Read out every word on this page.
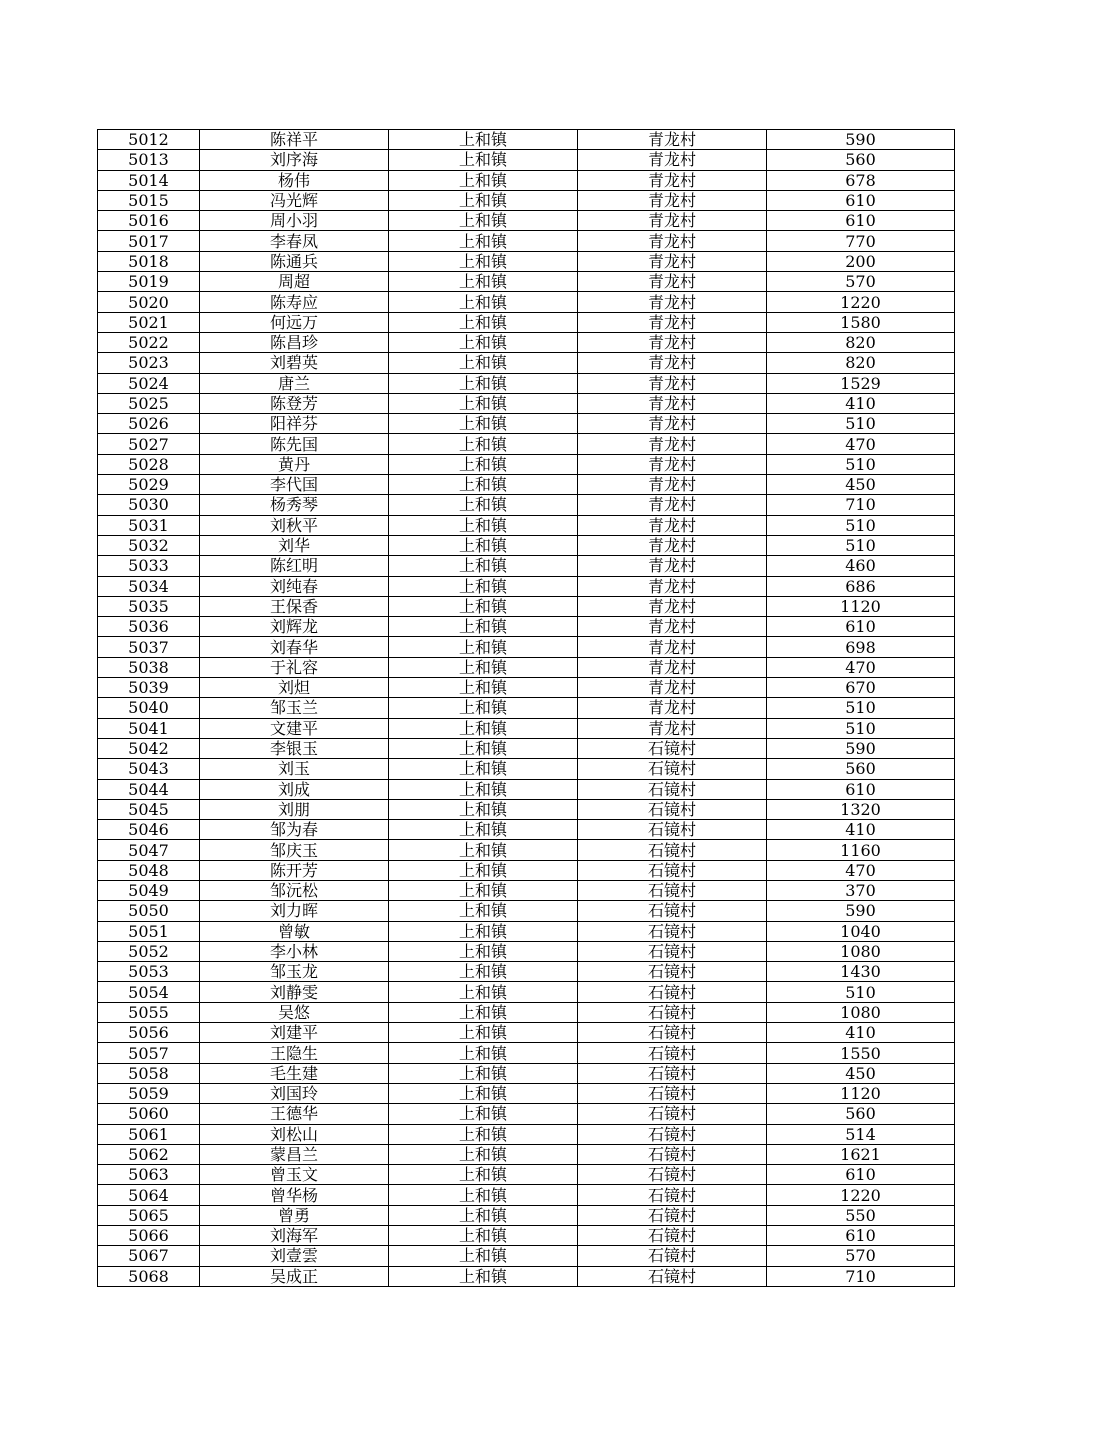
5012	陈祥平	上和镇	青龙村	590
5013	刘序海	上和镇	青龙村	560
5014	杨伟	上和镇	青龙村	678
5015	冯光辉	上和镇	青龙村	610
5016	周小羽	上和镇	青龙村	610
5017	李春凤	上和镇	青龙村	770
5018	陈通兵	上和镇	青龙村	200
5019	周超	上和镇	青龙村	570
5020	陈寿应	上和镇	青龙村	1220
5021	何远万	上和镇	青龙村	1580
5022	陈昌珍	上和镇	青龙村	820
5023	刘碧英	上和镇	青龙村	820
5024	唐兰	上和镇	青龙村	1529
5025	陈登芳	上和镇	青龙村	410
5026	阳祥芬	上和镇	青龙村	510
5027	陈先国	上和镇	青龙村	470
5028	黄丹	上和镇	青龙村	510
5029	李代国	上和镇	青龙村	450
5030	杨秀琴	上和镇	青龙村	710
5031	刘秋平	上和镇	青龙村	510
5032	刘华	上和镇	青龙村	510
5033	陈红明	上和镇	青龙村	460
5034	刘纯春	上和镇	青龙村	686
5035	王保香	上和镇	青龙村	1120
5036	刘辉龙	上和镇	青龙村	610
5037	刘春华	上和镇	青龙村	698
5038	于礼容	上和镇	青龙村	470
5039	刘炟	上和镇	青龙村	670
5040	邹玉兰	上和镇	青龙村	510
5041	文建平	上和镇	青龙村	510
5042	李银玉	上和镇	石镜村	590
5043	刘玉	上和镇	石镜村	560
5044	刘成	上和镇	石镜村	610
5045	刘朋	上和镇	石镜村	1320
5046	邹为春	上和镇	石镜村	410
5047	邹庆玉	上和镇	石镜村	1160
5048	陈开芳	上和镇	石镜村	470
5049	邹沅松	上和镇	石镜村	370
5050	刘力晖	上和镇	石镜村	590
5051	曾敏	上和镇	石镜村	1040
5052	李小林	上和镇	石镜村	1080
5053	邹玉龙	上和镇	石镜村	1430
5054	刘静雯	上和镇	石镜村	510
5055	吴悠	上和镇	石镜村	1080
5056	刘建平	上和镇	石镜村	410
5057	王隐生	上和镇	石镜村	1550
5058	毛生建	上和镇	石镜村	450
5059	刘国玲	上和镇	石镜村	1120
5060	王德华	上和镇	石镜村	560
5061	刘松山	上和镇	石镜村	514
5062	蒙昌兰	上和镇	石镜村	1621
5063	曾玉文	上和镇	石镜村	610
5064	曾华杨	上和镇	石镜村	1220
5065	曾勇	上和镇	石镜村	550
5066	刘海军	上和镇	石镜村	610
5067	刘壹雲	上和镇	石镜村	570
5068	吴成正	上和镇	石镜村	710
